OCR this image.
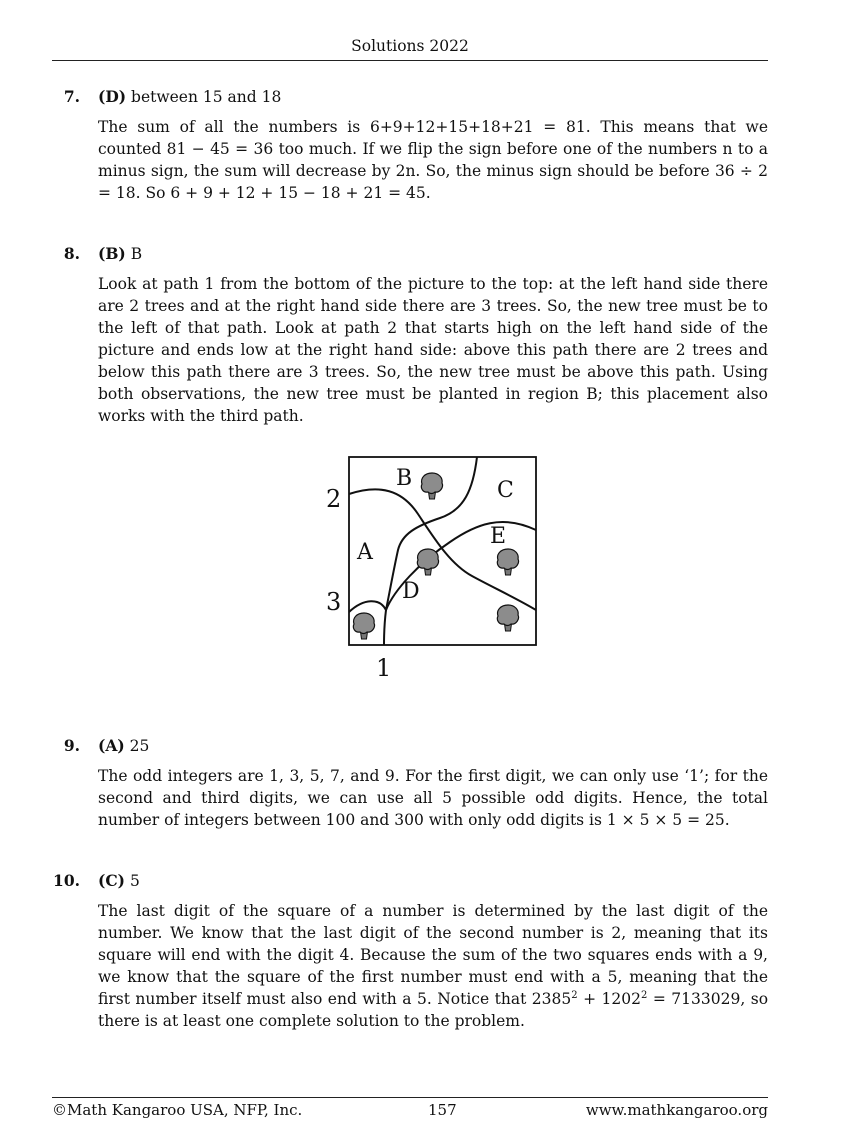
Solutions 2022
7. (D) between 15 and 18
The sum of all the numbers is 6+9+12+15+18+21 = 81. This means that we counted 81 − 45 = 36 too much. If we flip the sign before one of the numbers n to a minus sign, the sum will decrease by 2n. So, the minus sign should be before 36 ÷ 2 = 18. So 6 + 9 + 12 + 15 − 18 + 21 = 45.
8. (B) B
Look at path 1 from the bottom of the picture to the top: at the left hand side there are 2 trees and at the right hand side there are 3 trees. So, the new tree must be to the left of that path. Look at path 2 that starts high on the left hand side of the picture and ends low at the right hand side: above this path there are 2 trees and below this path there are 3 trees. So, the new tree must be above this path. Using both observations, the new tree must be planted in region B; this placement also works with the third path.
B	C
E
A
D
2
3
1
9. (A) 25
The odd integers are 1, 3, 5, 7, and 9. For the first digit, we can only use ‘1’; for the second and third digits, we can use all 5 possible odd digits. Hence, the total number of integers between 100 and 300 with only odd digits is 1 × 5 × 5 = 25.
10. (C) 5
The last digit of the square of a number is determined by the last digit of the number. We know that the last digit of the second number is 2, meaning that its square will end with the digit 4. Because the sum of the two squares ends with a 9, we know that the square of the first number must end with a 5, meaning that the first number itself must also end with a 5. Notice that $2385^2 + 1202^2 = 7133029$, so there is at least one complete solution to the problem.
©Math Kangaroo USA, NFP, Inc.	157	www.mathkangaroo.org
